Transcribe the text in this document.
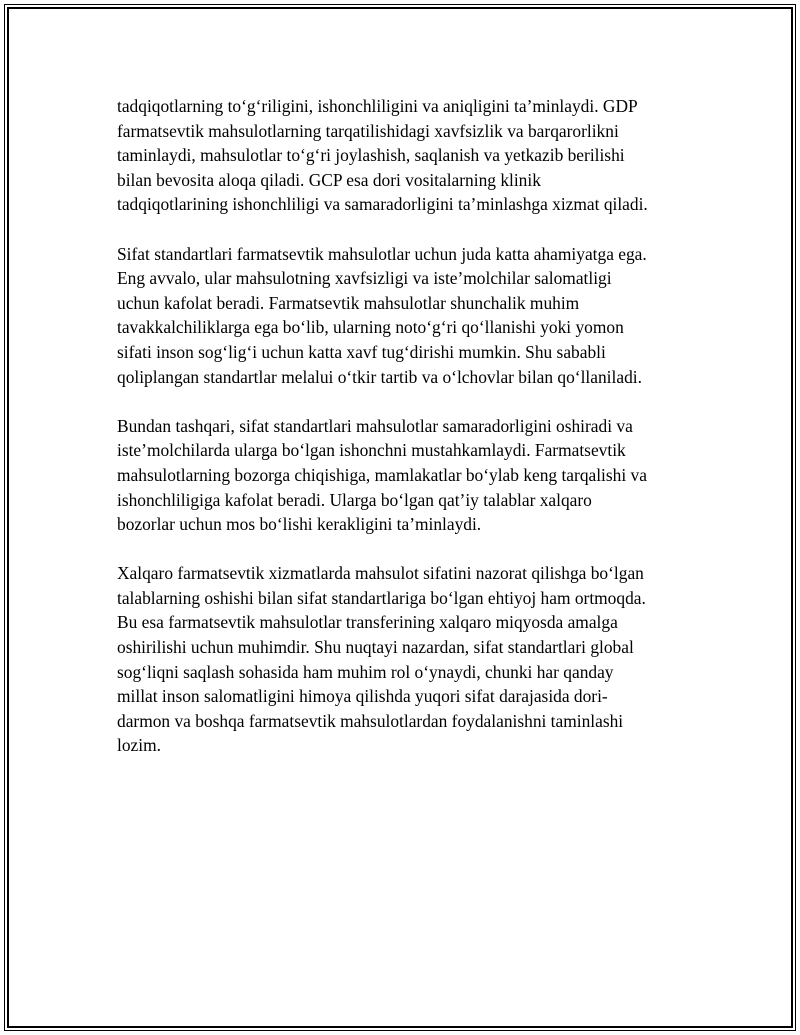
tadqiqotlarning to‘g‘riligini, ishonchliligini va aniqligini ta’minlaydi. GDP
farmatsevtik mahsulotlarning tarqatilishidagi xavfsizlik va barqarorlikni
taminlaydi, mahsulotlar to‘g‘ri joylashish, saqlanish va yetkazib berilishi
bilan bevosita aloqa qiladi. GCP esa dori vositalarning klinik
tadqiqotlarining ishonchliligi va samaradorligini ta’minlashga xizmat qiladi.

Sifat standartlari farmatsevtik mahsulotlar uchun juda katta ahamiyatga ega.
Eng avvalo, ular mahsulotning xavfsizligi va iste’molchilar salomatligi
uchun kafolat beradi. Farmatsevtik mahsulotlar shunchalik muhim
tavakkalchiliklarga ega bo‘lib, ularning noto‘g‘ri qo‘llanishi yoki yomon
sifati inson sog‘lig‘i uchun katta xavf tug‘dirishi mumkin. Shu sababli
qoliplangan standartlar melalui o‘tkir tartib va o‘lchovlar bilan qo‘llaniladi.

Bundan tashqari, sifat standartlari mahsulotlar samaradorligini oshiradi va
iste’molchilarda ularga bo‘lgan ishonchni mustahkamlaydi. Farmatsevtik
mahsulotlarning bozorga chiqishiga, mamlakatlar bo‘ylab keng tarqalishi va
ishonchliligiga kafolat beradi. Ularga bo‘lgan qat’iy talablar xalqaro
bozorlar uchun mos bo‘lishi kerakligini ta’minlaydi.

Xalqaro farmatsevtik xizmatlarda mahsulot sifatini nazorat qilishga bo‘lgan
talablarning oshishi bilan sifat standartlariga bo‘lgan ehtiyoj ham ortmoqda.
Bu esa farmatsevtik mahsulotlar transferining xalqaro miqyosda amalga
oshirilishi uchun muhimdir. Shu nuqtayi nazardan, sifat standartlari global
sog‘liqni saqlash sohasida ham muhim rol o‘ynaydi, chunki har qanday
millat inson salomatligini himoya qilishda yuqori sifat darajasida dori-
darmon va boshqa farmatsevtik mahsulotlardan foydalanishni taminlashi
lozim.
